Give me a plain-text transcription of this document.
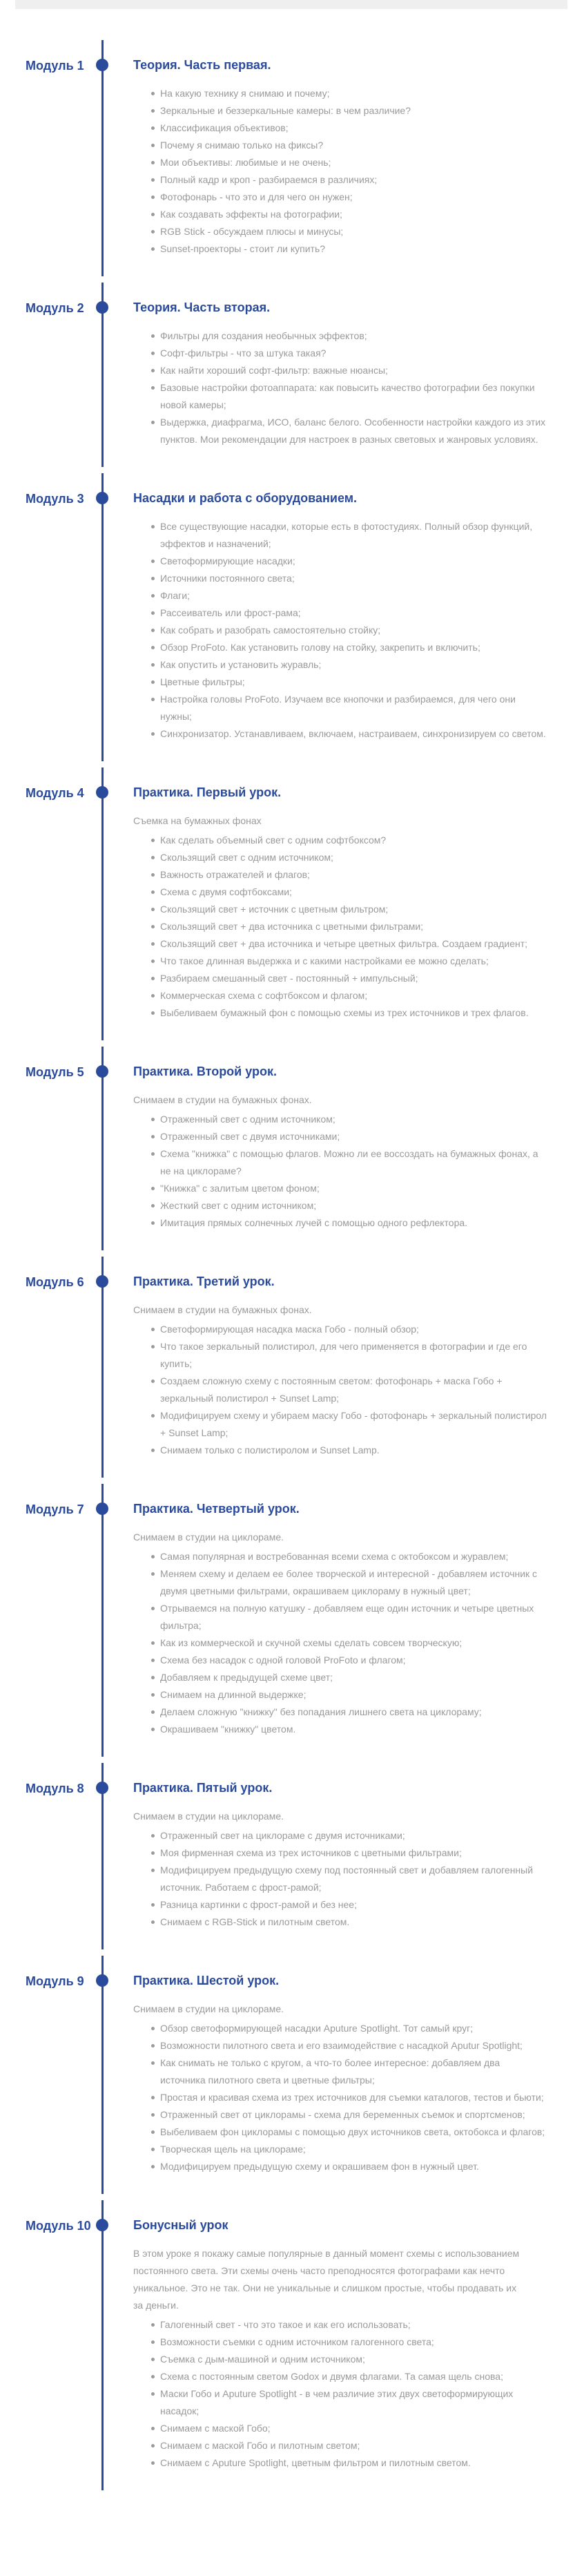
Модуль 1	Теория. Часть первая.
На какую технику я снимаю и почему;
Зеркальные и беззеркальные камеры: в чем различие?
Классификация объективов;
Почему я снимаю только на фиксы?
Мои объективы: любимые и не очень;
Полный кадр и кроп - разбираемся в различиях;
Фотофонарь - что это и для чего он нужен;
Как создавать эффекты на фотографии;
RGB Stick - обсуждаем плюсы и минусы;
Sunset-проекторы - стоит ли купить?
Модуль 2	Теория. Часть вторая.
Фильтры для создания необычных эффектов;
Софт-фильтры - что за штука такая?
Как найти хороший софт-фильтр: важные нюансы;
Базовые настройки фотоаппарата: как повысить качество фотографии без покупки новой камеры;
Выдержка, диафрагма, ИСО, баланс белого. Особенности настройки каждого из этих пунктов. Мои рекомендации для настроек в разных световых и жанровых условиях.
Модуль 3	Насадки и работа с оборудованием.
Все существующие насадки, которые есть в фотостудиях. Полный обзор функций, эффектов и назначений;
Светоформирующие насадки;
Источники постоянного света;
Флаги;
Рассеиватель или фрост-рама;
Как собрать и разобрать самостоятельно стойку;
Обзор ProFoto. Как установить голову на стойку, закрепить и включить;
Как опустить и установить журавль;
Цветные фильтры;
Настройка головы ProFoto. Изучаем все кнопочки и разбираемся, для чего они нужны;
Синхронизатор. Устанавливаем, включаем, настраиваем, синхронизируем со светом.
Модуль 4	Практика. Первый урок.

Съемка на бумажных фонах

Как сделать объемный свет с одним софтбоксом?
Скользящий свет с одним источником;
Важность отражателей и флагов;
Схема с двумя софтбоксами;
Скользящий свет + источник с цветным фильтром;
Скользящий свет + два источника с цветными фильтрами;
Скользящий свет + два источника и четыре цветных фильтра. Создаем градиент;
Что такое длинная выдержка и с какими настройками ее можно сделать;
Разбираем смешанный свет - постоянный + импульсный;
Коммерческая схема с софтбоксом и флагом;
Выбеливаем бумажный фон с помощью схемы из трех источников и трех флагов.
Модуль 5	Практика. Второй урок.

Снимаем в студии на бумажных фонах.

Отраженный свет с одним источником;
Отраженный свет с двумя источниками;
Схема "книжка" с помощью флагов. Можно ли ее воссоздать на бумажных фонах, а не на циклораме?
"Книжка" с залитым цветом фоном;
Жесткий свет с одним источником;
Имитация прямых солнечных лучей с помощью одного рефлектора.
Модуль 6	Практика. Третий урок.

Снимаем в студии на бумажных фонах.

Светоформирующая насадка маска Гобо - полный обзор;
Что такое зеркальный полистирол, для чего применяется в фотографии и где его купить;
Создаем сложную схему с постоянным светом: фотофонарь + маска Гобо + зеркальный полистирол + Sunset Lamp;
Модифицируем схему и убираем маску Гобо - фотофонарь + зеркальный полистирол + Sunset Lamp;
Снимаем только с полистиролом и Sunset Lamp.
Модуль 7	Практика. Четвертый урок.

Снимаем в студии на циклораме.

Самая популярная и востребованная всеми схема с октобоксом и журавлем;
Меняем схему и делаем ее более творческой и интересной - добавляем источник с двумя цветными фильтрами, окрашиваем циклораму в нужный цвет;
Отрываемся на полную катушку - добавляем еще один источник и четыре цветных фильтра;
Как из коммерческой и скучной схемы сделать совсем творческую;
Схема без насадок с одной головой ProFoto и флагом;
Добавляем к предыдущей схеме цвет;
Снимаем на длинной выдержке;
Делаем сложную "книжку" без попадания лишнего света на циклораму;
Окрашиваем "книжку" цветом.
Модуль 8	Практика. Пятый урок.

Снимаем в студии на циклораме.

Отраженный свет на циклораме с двумя источниками;
Моя фирменная схема из трех источников с цветными фильтрами;
Модифицируем предыдущую схему под постоянный свет и добавляем галогенный источник. Работаем с фрост-рамой;
Разница картинки с фрост-рамой и без нее;
Снимаем с RGB-Stick и пилотным светом.
Модуль 9	Практика. Шестой урок.

Снимаем в студии на циклораме.

Обзор светоформирующей насадки Aputure Spotlight. Тот самый круг;
Возможности пилотного света и его взаимодействие с насадкой Aputur Spotlight;
Как снимать не только с кругом, а что-то более интересное: добавляем два источника пилотного света и цветные фильтры;
Простая и красивая схема из трех источников для съемки каталогов, тестов и бьюти;
Отраженный свет от циклорамы - схема для беременных съемок и спортсменов;
Выбеливаем фон циклорамы с помощью двух источников света, октобокса и флагов;
Творческая щель на циклораме;
Модифицируем предыдущую схему и окрашиваем фон в нужный цвет.
Модуль 10	Бонусный урок

В этом уроке я покажу самые популярные в данный момент схемы с использованием постоянного света. Эти схемы очень часто преподносятся фотографами как нечто уникальное. Это не так. Они не уникальные и слишком простые, чтобы продавать их за деньги.

Галогенный свет - что это такое и как его использовать;
Возможности съемки с одним источником галогенного света;
Съемка с дым-машиной и одним источником;
Схема с постоянным светом Godox и двумя флагами. Та самая щель снова;
Маски Гобо и Aputure Spotlight - в чем различие этих двух светоформирующих насадок;
Снимаем с маской Гобо;
Снимаем с маской Гобо и пилотным светом;
Снимаем с Aputure Spotlight, цветным фильтром и пилотным светом.
